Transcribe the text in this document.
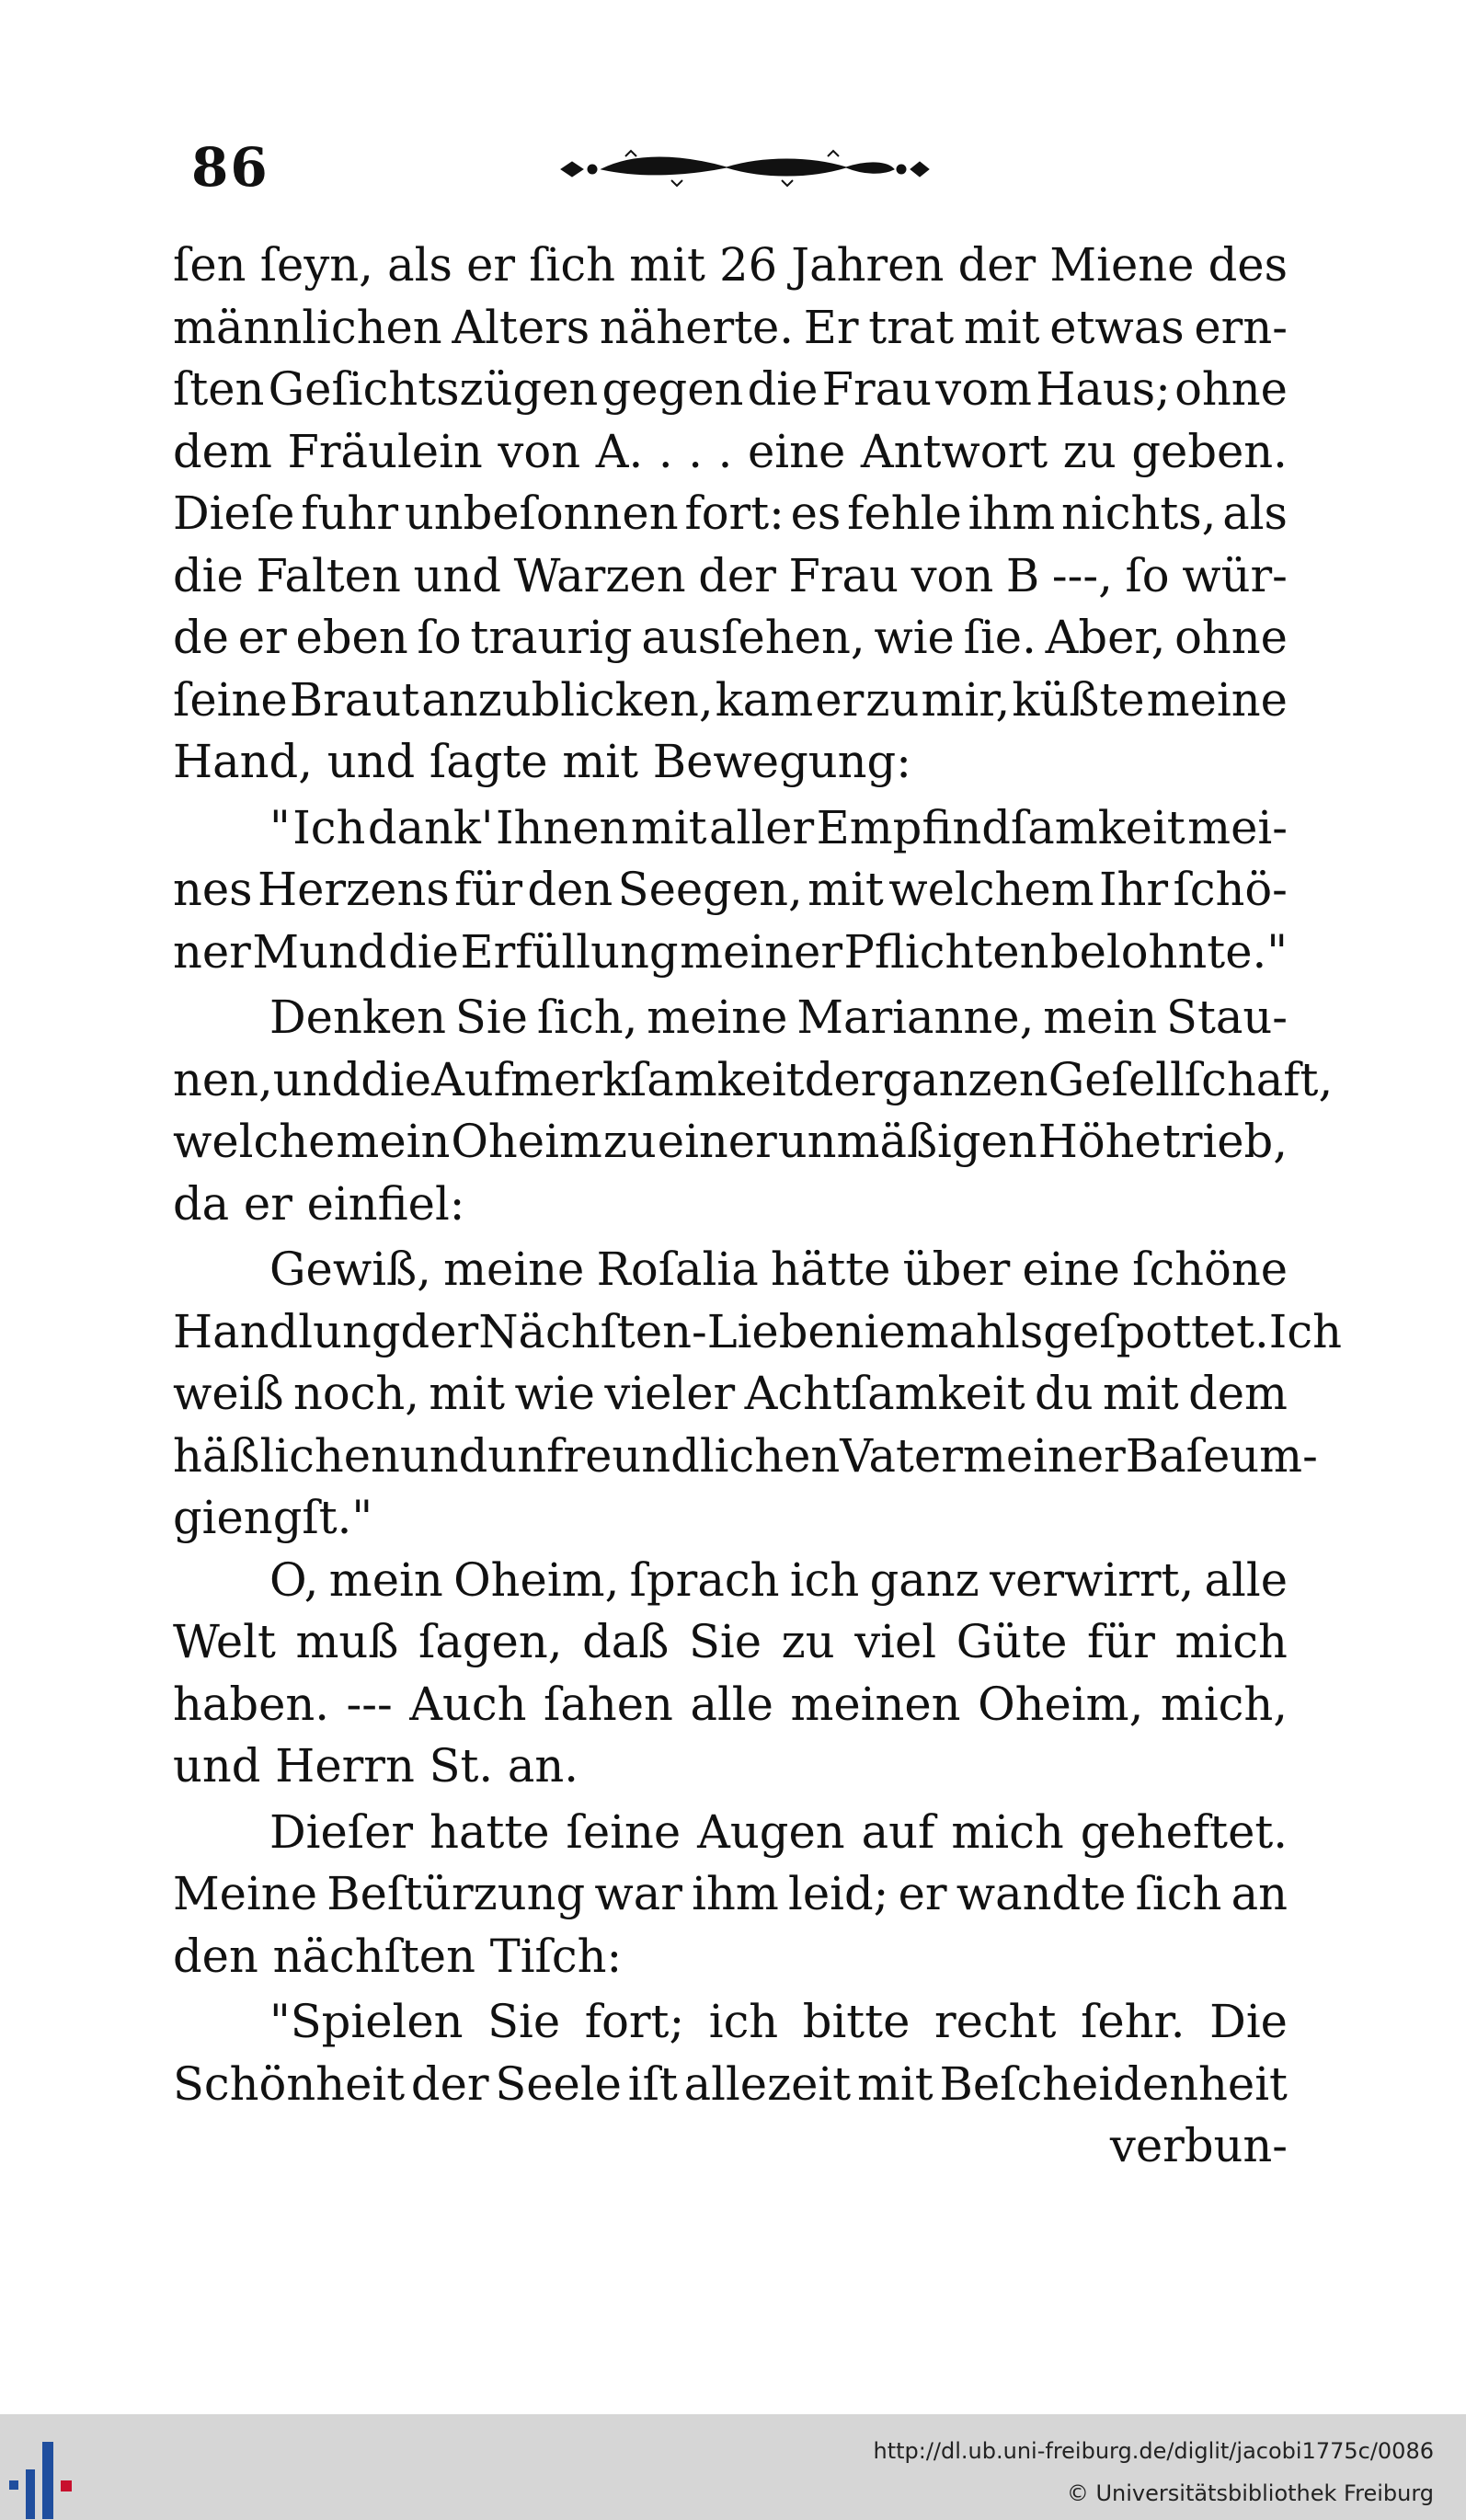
86
ſen ſeyn, als er ſich mit 26 Jahren der Miene des
männlichen Alters näherte. Er trat mit etwas ern-
ſten Geſichtszügen gegen die Frau vom Haus; ohne
dem Fräulein von A. . . . eine Antwort zu geben.
Dieſe fuhr unbeſonnen fort: es fehle ihm nichts, als
die Falten und Warzen der Frau von B ---, ſo wür-
de er eben ſo traurig ausſehen, wie ſie. Aber, ohne
ſeine Braut anzublicken, kam er zu mir, küßte meine
Hand, und ſagte mit Bewegung:
" Ich dank' Ihnen mit aller Empfindſamkeit mei-
nes Herzens für den Seegen, mit welchem Ihr ſchö-
ner Mund die Erfüllung meiner Pflichten belohnte."
Denken Sie ſich, meine Marianne, mein Stau-
nen, und die Aufmerkſamkeit der ganzen Geſellſchaft,
welche mein Oheim zu einer unmäßigen Höhe trieb,
da er einfiel:
Gewiß, meine Roſalia hätte über eine ſchöne
Handlung der Nächſten-Liebe niemahls geſpottet. Ich
weiß noch, mit wie vieler Achtſamkeit du mit dem
häßlichen und unfreundlichen Vater meiner Baſe um-
giengſt."
O, mein Oheim, ſprach ich ganz verwirrt, alle
Welt muß ſagen, daß Sie zu viel Güte für mich
haben. --- Auch ſahen alle meinen Oheim, mich,
und Herrn St. an.
Dieſer hatte ſeine Augen auf mich geheftet.
Meine Beſtürzung war ihm leid; er wandte ſich an
den nächſten Tiſch:
"Spielen Sie fort; ich bitte recht ſehr. Die
Schönheit der Seele iſt allezeit mit Beſcheidenheit
verbun-
http://dl.ub.uni-freiburg.de/diglit/jacobi1775c/0086
© Universitätsbibliothek Freiburg
